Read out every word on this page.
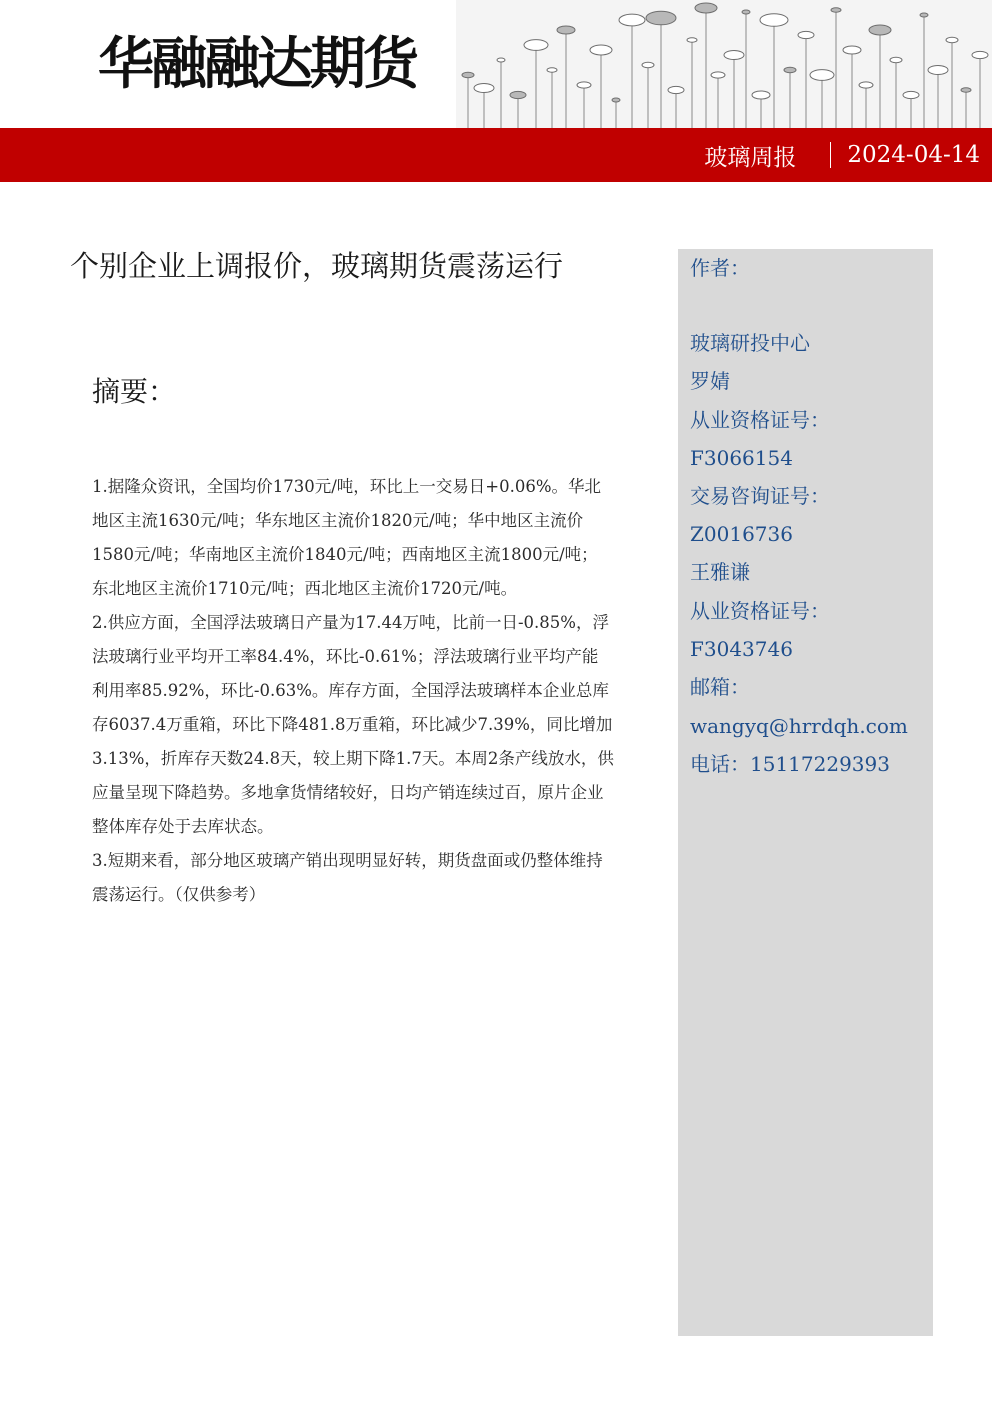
华融融达期货
玻璃周报 2024-04-14
个别企业上调报价，玻璃期货震荡运行
摘要：

1.据隆众资讯，全国均价1730元/吨，环比上一交易日+0.06%。华北地区主流1630元/吨；华东地区主流价1820元/吨；华中地区主流价1580元/吨；华南地区主流价1840元/吨；西南地区主流1800元/吨；东北地区主流价1710元/吨；西北地区主流价1720元/吨。

2.供应方面，全国浮法玻璃日产量为17.44万吨，比前一日-0.85%，浮法玻璃行业平均开工率84.4%，环比-0.61%；浮法玻璃行业平均产能利用率85.92%，环比-0.63%。库存方面，全国浮法玻璃样本企业总库存6037.4万重箱，环比下降481.8万重箱，环比减少7.39%，同比增加3.13%，折库存天数24.8天，较上期下降1.7天。本周2条产线放水，供应量呈现下降趋势。多地拿货情绪较好，日均产销连续过百，原片企业整体库存处于去库状态。

3.短期来看，部分地区玻璃产销出现明显好转，期货盘面或仍整体维持震荡运行。（仅供参考）

作者：
玻璃研投中心
罗婧
从业资格证号：
F3066154
交易咨询证号：
Z0016736
王雅谦
从业资格证号：
F3043746
邮箱：
wangyq@hrrdqh.com
电话：15117229393
